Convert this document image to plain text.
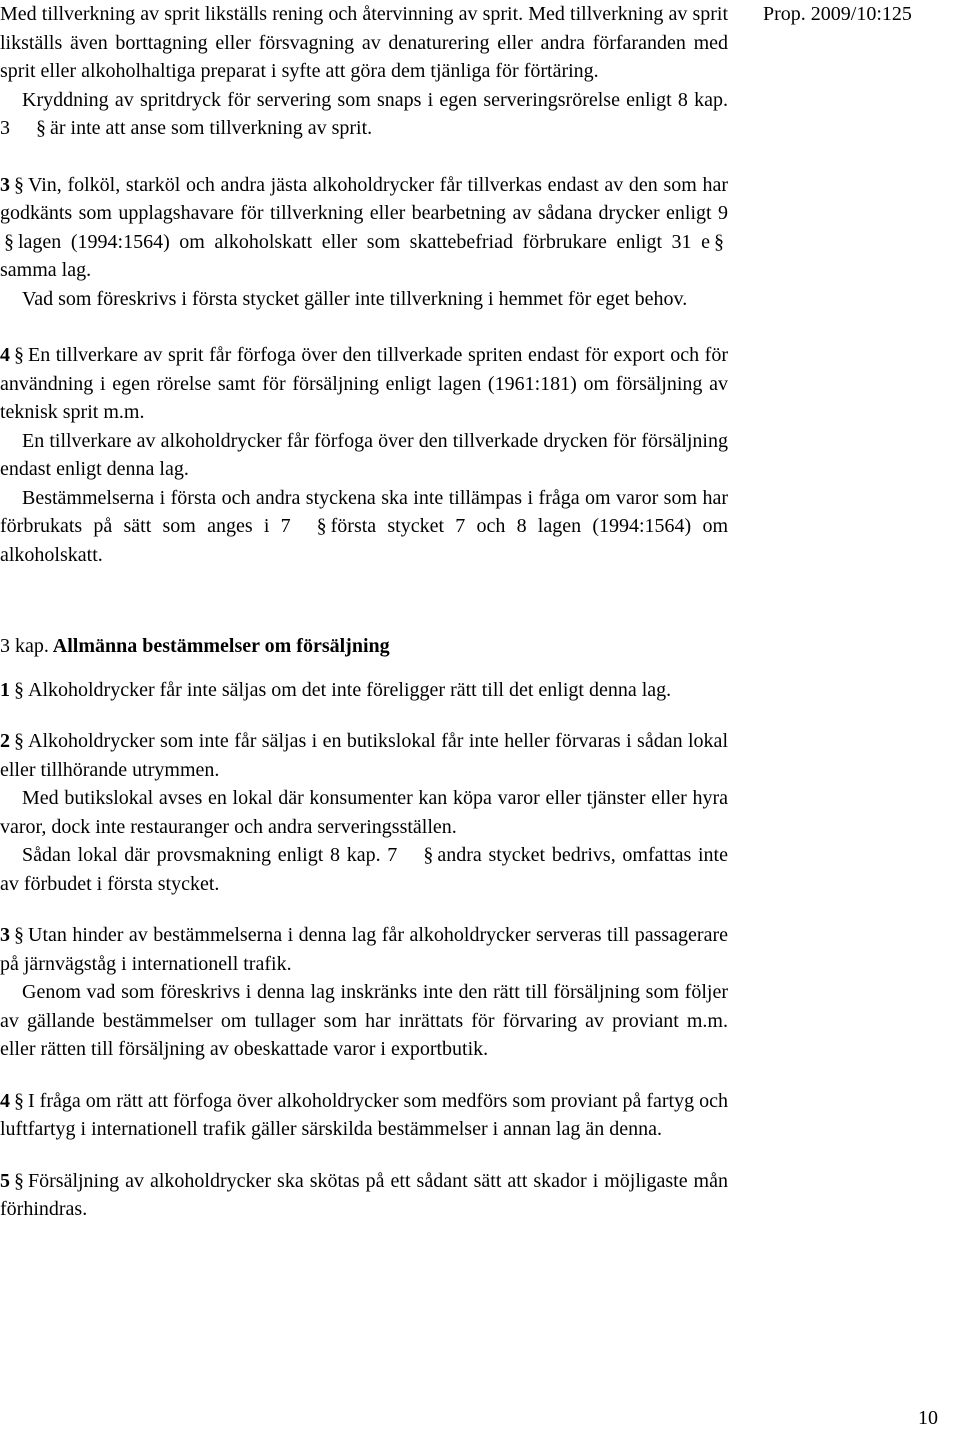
Prop. 2009/10:125

Med tillverkning av sprit likställs rening och återvinning av sprit. Med tillverkning av sprit likställs även borttagning eller försvagning av denaturering eller andra förfaranden med sprit eller alkoholhaltiga preparat i syfte att göra dem tjänliga för förtäring.

Kryddning av spritdryck för servering som snaps i egen serveringsrörelse enligt 8 kap. 3 § är inte att anse som tillverkning av sprit.

3 § Vin, folköl, starköl och andra jästa alkoholdrycker får tillverkas endast av den som har godkänts som upplagshavare för tillverkning eller bearbetning av sådana drycker enligt 9§ lagen (1994:1564) om alkoholskatt eller som skattebefriad förbrukare enligt 31 e §samma lag.

Vad som föreskrivs i första stycket gäller inte tillverkning i hemmet för eget behov.

4 § En tillverkare av sprit får förfoga över den tillverkade spriten endast för export och för användning i egen rörelse samt för försäljning enligt lagen (1961:181) om försäljning av teknisk sprit m.m.

En tillverkare av alkoholdrycker får förfoga över den tillverkade drycken för försäljning endast enligt denna lag.

Bestämmelserna i första och andra styckena ska inte tillämpas i fråga om varor som har förbrukats på sätt som anges i 7 § första stycket 7 och 8 lagen (1994:1564) om alkoholskatt.

3 kap. Allmänna bestämmelser om försäljning

1 § Alkoholdrycker får inte säljas om det inte föreligger rätt till det enligt denna lag.

2 § Alkoholdrycker som inte får säljas i en butikslokal får inte heller förvaras i sådan lokal eller tillhörande utrymmen.

Med butikslokal avses en lokal där konsumenter kan köpa varor eller tjänster eller hyra varor, dock inte restauranger och andra serveringsställen.

Sådan lokal där provsmakning enligt 8 kap. 7 § andra stycket bedrivs, omfattas inte av förbudet i första stycket.

3 § Utan hinder av bestämmelserna i denna lag får alkoholdrycker serveras till passagerare på järnvägståg i internationell trafik.

Genom vad som föreskrivs i denna lag inskränks inte den rätt till försäljning som följer av gällande bestämmelser om tullager som har inrättats för förvaring av proviant m.m. eller rätten till försäljning av obeskattade varor i exportbutik.

4 § I fråga om rätt att förfoga över alkoholdrycker som medförs som proviant på fartyg och luftfartyg i internationell trafik gäller särskilda bestämmelser i annan lag än denna.

5 § Försäljning av alkoholdrycker ska skötas på ett sådant sätt att skador i möjligaste mån förhindras.

10
